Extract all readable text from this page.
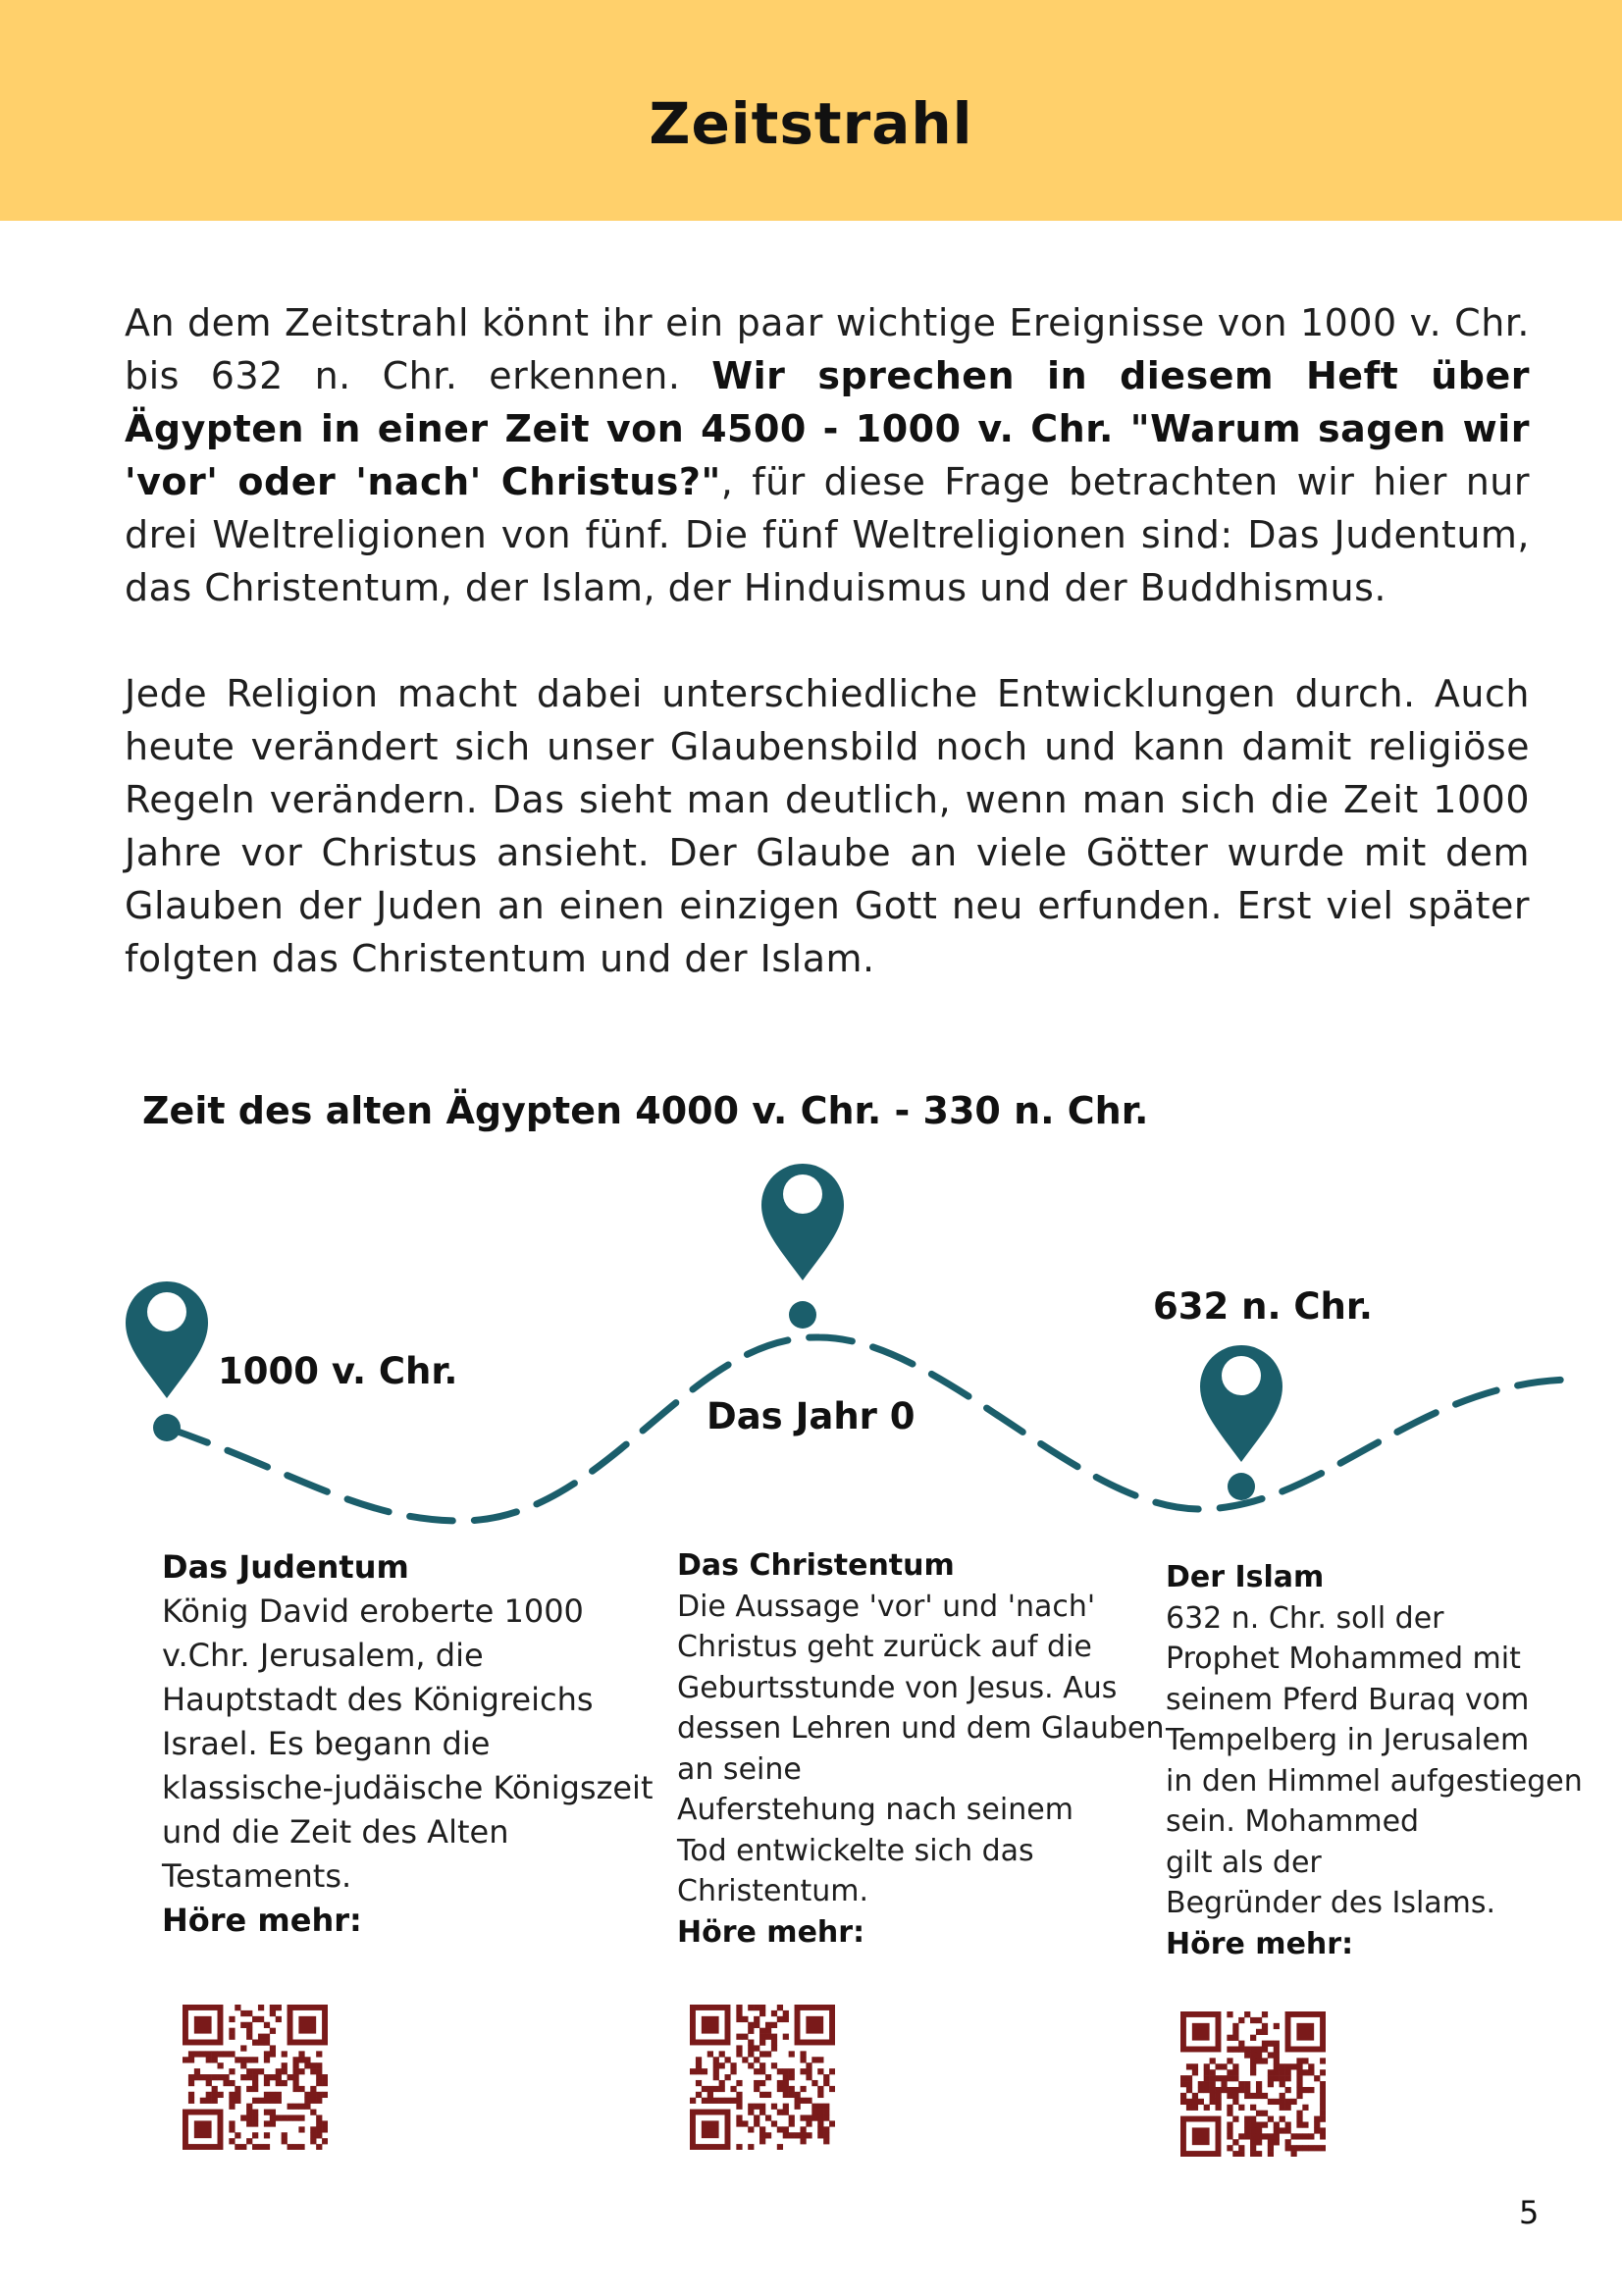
Zeitstrahl

An dem Zeitstrahl könnt ihr ein paar wichtige Ereignisse von 1000 v. Chr. bis 632 n. Chr. erkennen. Wir sprechen in diesem Heft über Ägypten in einer Zeit von 4500 - 1000 v. Chr. "Warum sagen wir 'vor' oder 'nach' Christus?", für diese Frage betrachten wir hier nur drei Weltreligionen von fünf. Die fünf Weltreligionen sind: Das Judentum, das Christentum, der Islam, der Hinduismus und der Buddhismus.

Jede Religion macht dabei unterschiedliche Entwicklungen durch. Auch heute verändert sich unser Glaubensbild noch und kann damit religiöse Regeln verändern. Das sieht man deutlich, wenn man sich die Zeit 1000 Jahre vor Christus ansieht. Der Glaube an viele Götter wurde mit dem Glauben der Juden an einen einzigen Gott neu erfunden. Erst viel später folgten das Christentum und der Islam.

Zeit des alten Ägypten 4000 v. Chr. - 330 n. Chr.
1000 v. Chr.
Das Jahr 0
632 n. Chr.
Das Judentum
König David eroberte 1000
v.Chr. Jerusalem, die
Hauptstadt des Königreichs
Israel. Es begann die
klassische-judäische Königszeit
und die Zeit des Alten
Testaments.
Höre mehr:
Das Christentum
Die Aussage 'vor' und 'nach'
Christus geht zurück auf die
Geburtsstunde von Jesus. Aus
dessen Lehren und dem Glauben
an seine
Auferstehung nach seinem
Tod entwickelte sich das
Christentum.
Höre mehr:
Der Islam
632 n. Chr. soll der
Prophet Mohammed mit
seinem Pferd Buraq vom
Tempelberg in Jerusalem
in den Himmel aufgestiegen
sein. Mohammed
gilt als der
Begründer des Islams.
Höre mehr:
5
